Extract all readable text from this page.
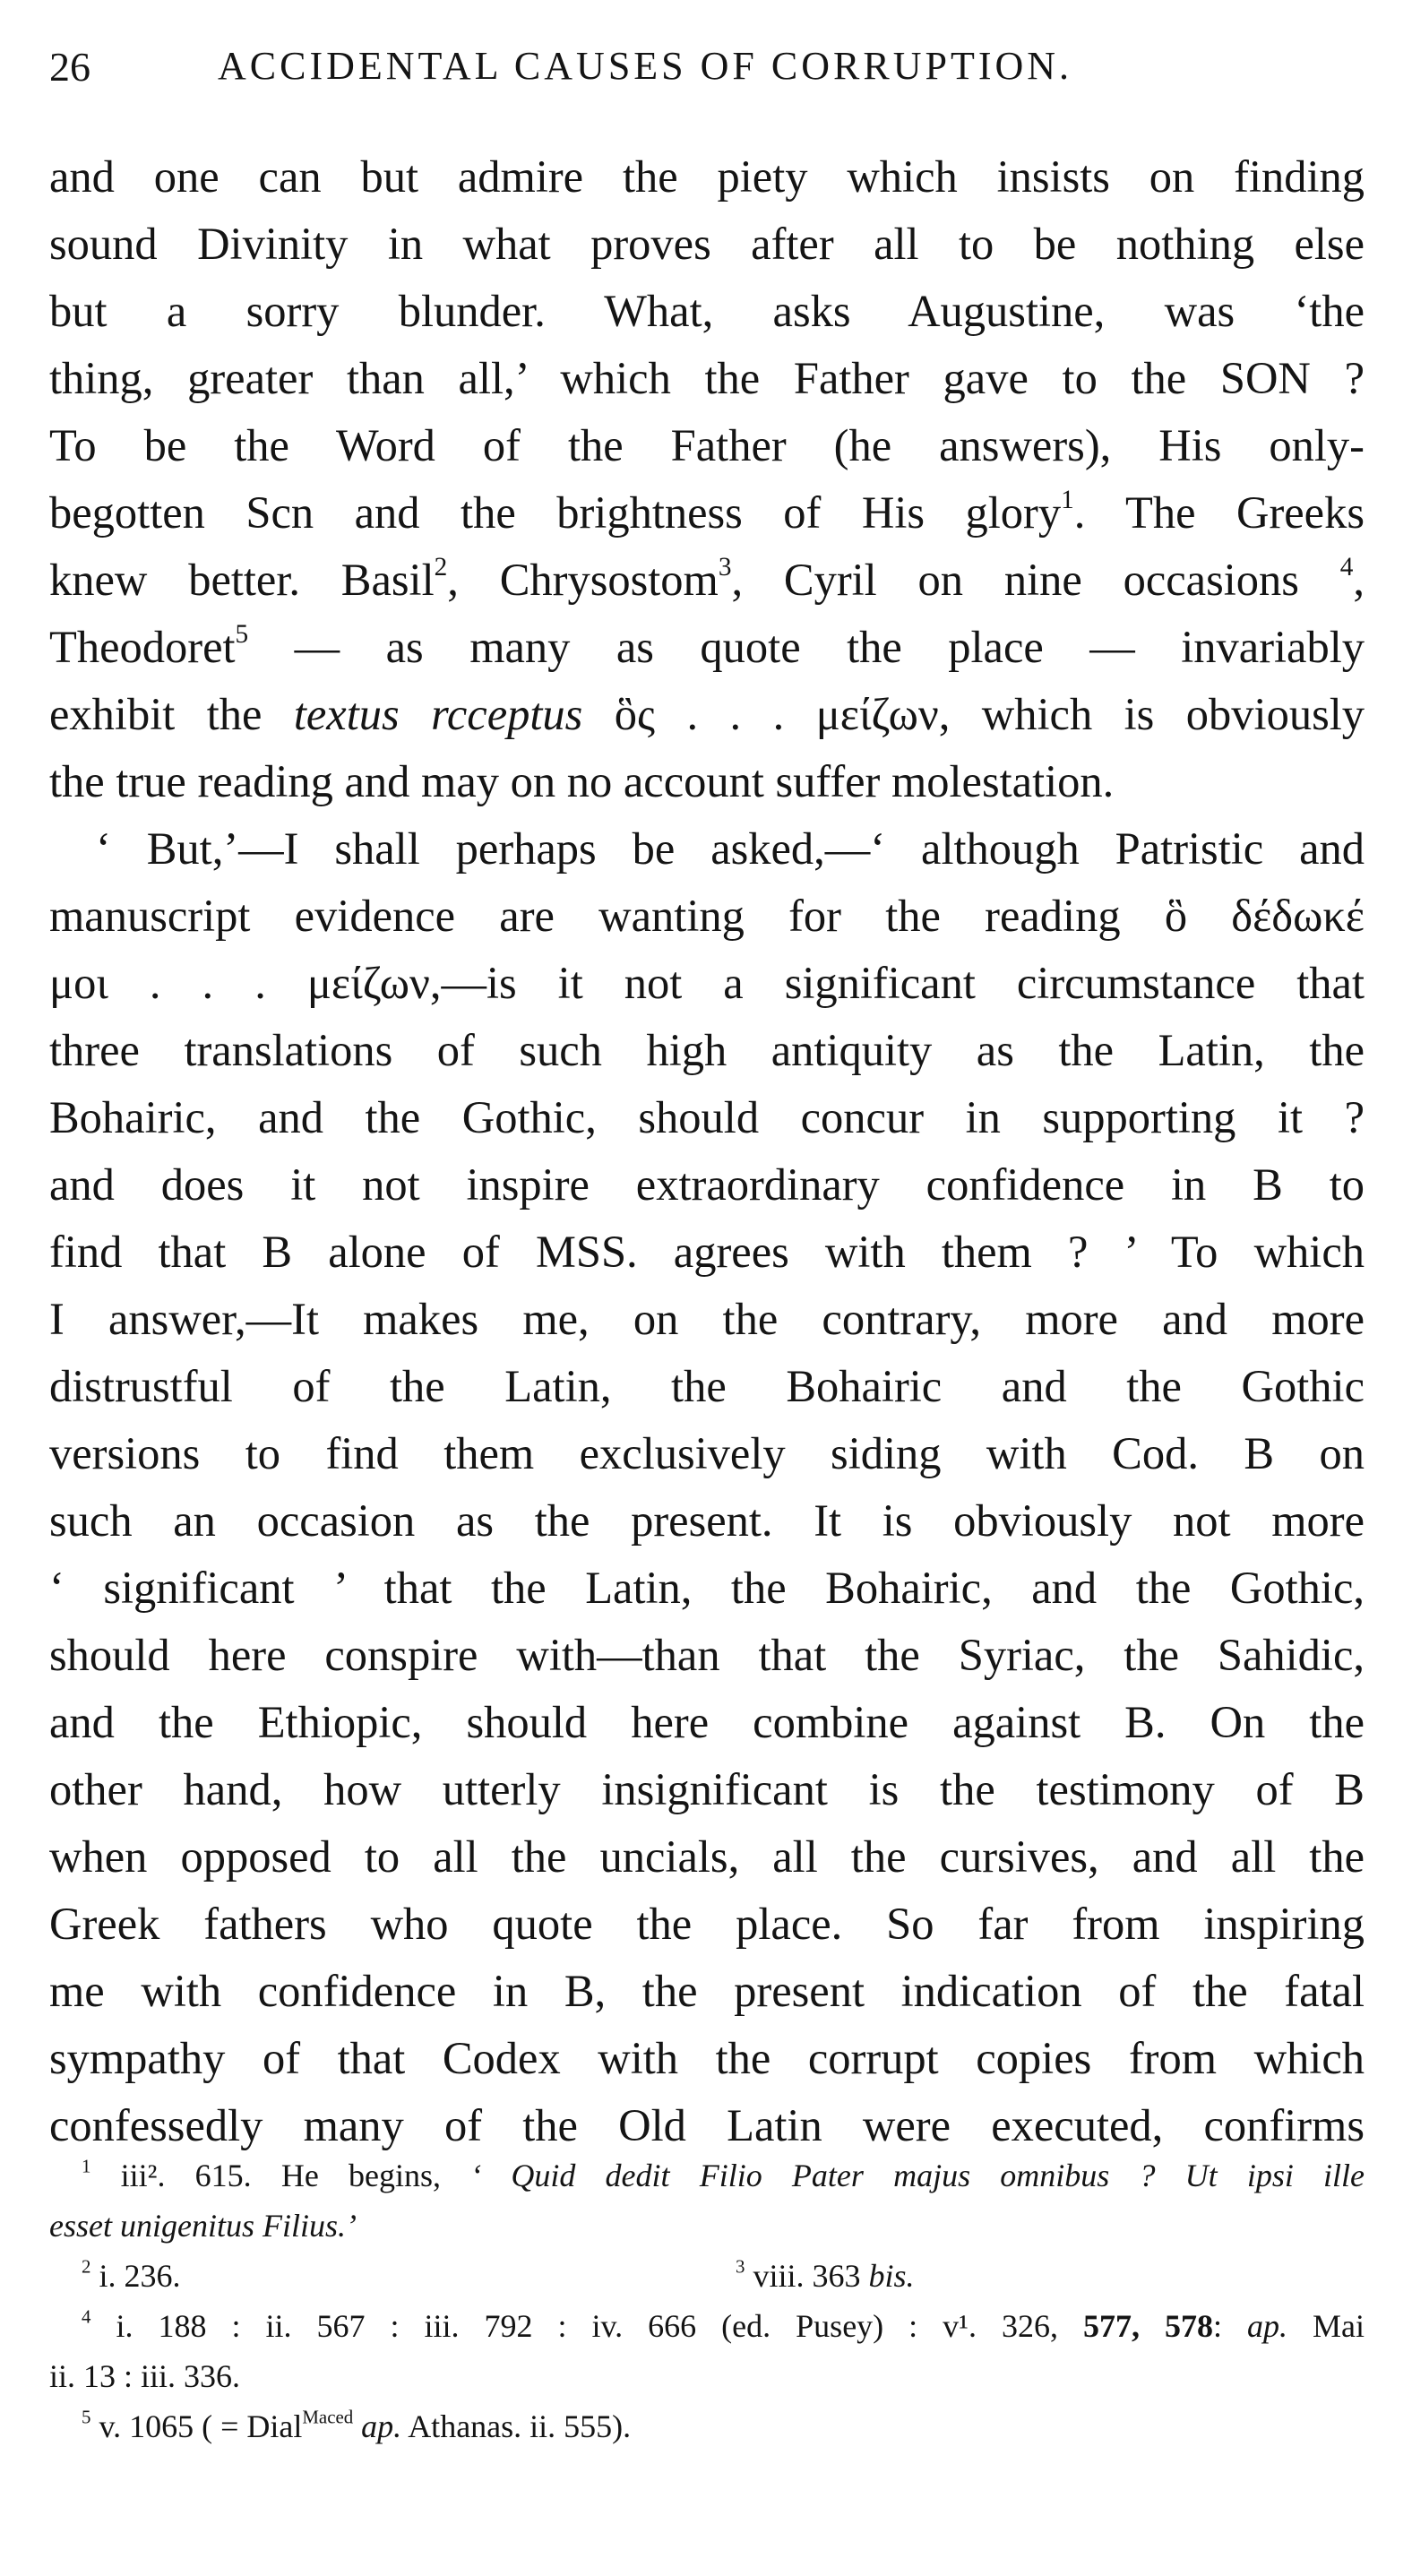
26	ACCIDENTAL CAUSES OF CORRUPTION.
and one can but admire the piety which insists on finding
sound Divinity in what proves after all to be nothing else
but a sorry blunder. What, asks Augustine, was ‘the
thing, greater than all,’ which the Father gave to the SON ?
To be the Word of the Father (he answers), His only-
begotten Scn and the brightness of His glory$^1$. The Greeks
knew better. Basil$^2$, Chrysostom$^3$, Cyril on nine occasions $^4$,
Theodoret$^5$ — as many as quote the place — invariably
exhibit the textus rcceptus ὃς . . . μείζων, which is obviously
the true reading and may on no account suffer molestation.
‘ But,’—I shall perhaps be asked,—‘ although Patristic and
manuscript evidence are wanting for the reading ὃ δέδωκέ
μοι . . . μείζων,—is it not a significant circumstance that
three translations of such high antiquity as the Latin, the
Bohairic, and the Gothic, should concur in supporting it ?
and does it not inspire extraordinary confidence in B to
find that B alone of MSS. agrees with them ? ’ To which
I answer,—It makes me, on the contrary, more and more
distrustful of the Latin, the Bohairic and the Gothic
versions to find them exclusively siding with Cod. B on
such an occasion as the present. It is obviously not more
‘ significant ’ that the Latin, the Bohairic, and the Gothic,
should here conspire with—than that the Syriac, the Sahidic,
and the Ethiopic, should here combine against B. On the
other hand, how utterly insignificant is the testimony of B
when opposed to all the uncials, all the cursives, and all the
Greek fathers who quote the place. So far from inspiring
me with confidence in B, the present indication of the fatal
sympathy of that Codex with the corrupt copies from which
confessedly many of the Old Latin were executed, confirms
$^1$ iii². 615. He begins, ‘ Quid dedit Filio Pater majus omnibus ? Ut ipsi ille
esset unigenitus Filius.’
$^2$ i. 236.	$^3$ viii. 363 bis.
$^4$ i. 188 : ii. 567 : iii. 792 : iv. 666 (ed. Pusey) : v¹. 326, 577, 578: ap. Mai
ii. 13 : iii. 336.
$^5$ v. 1065 ( = Dial$^{Maced}$ ap. Athanas. ii. 555).
